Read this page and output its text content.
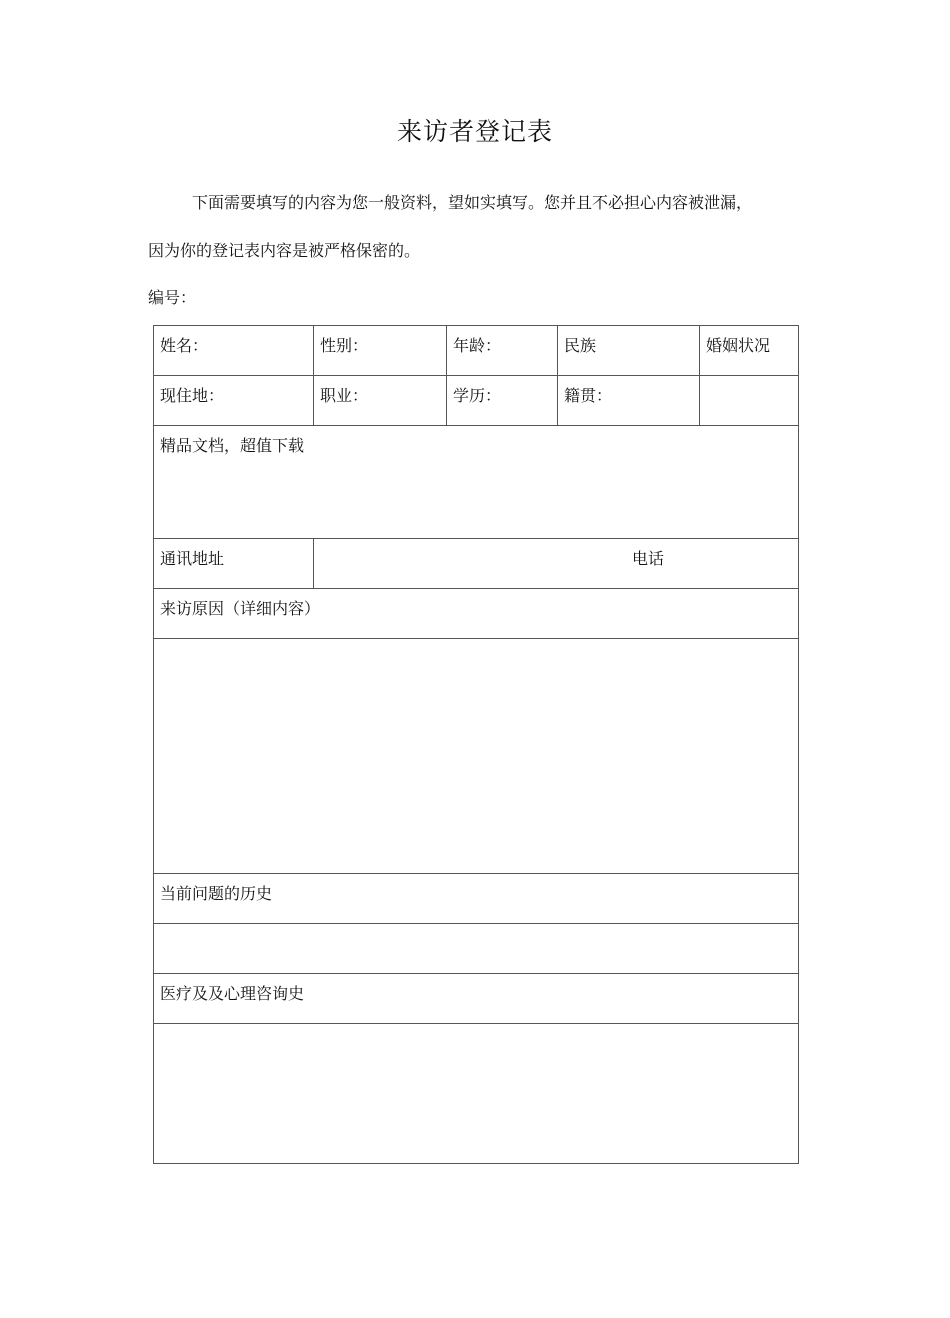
来访者登记表
下面需要填写的内容为您一般资料，望如实填写。您并且不必担心内容被泄漏，
因为你的登记表内容是被严格保密的。
编号：
姓名：	性别：	年龄：	民族	婚姻状况
现住地：	职业：	学历：	籍贯：	
精品文档，超值下载				
通讯地址	电话			

来访原因（详细内容）				

当前问题的历史				

医疗及及心理咨询史				
